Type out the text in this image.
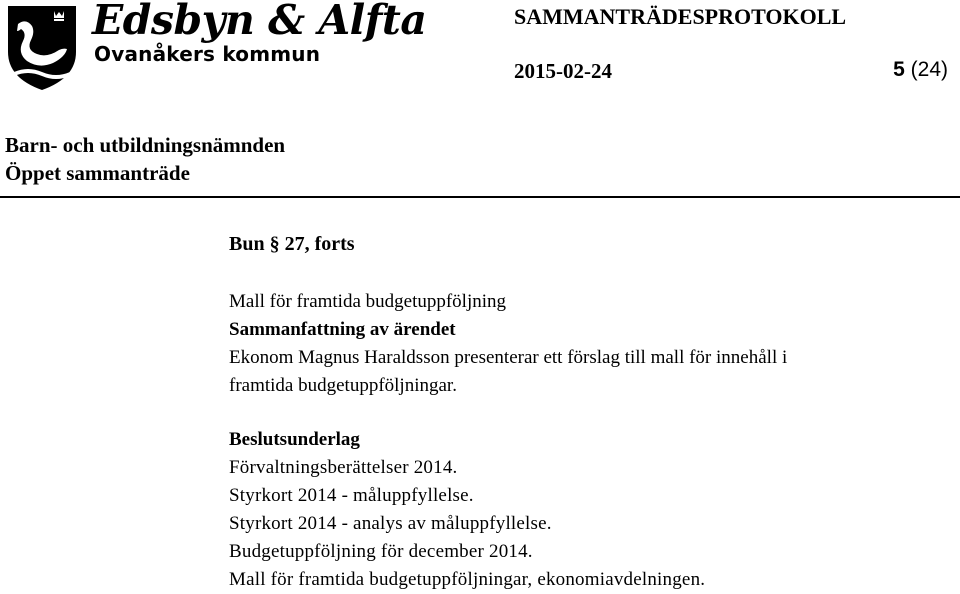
Edsbyn & Alfta
Ovanåkers kommun
SAMMANTRÄDESPROTOKOLL
2015-02-24	5 (24)
Barn- och utbildningsnämnden
Öppet sammanträde
Bun § 27, forts
Mall för framtida budgetuppföljning
Sammanfattning av ärendet
Ekonom Magnus Haraldsson presenterar ett förslag till mall för innehåll i
framtida budgetuppföljningar.
Beslutsunderlag
Förvaltningsberättelser 2014.
Styrkort 2014 - måluppfyllelse.
Styrkort 2014 - analys av måluppfyllelse.
Budgetuppföljning för december 2014.
Mall för framtida budgetuppföljningar, ekonomiavdelningen.
